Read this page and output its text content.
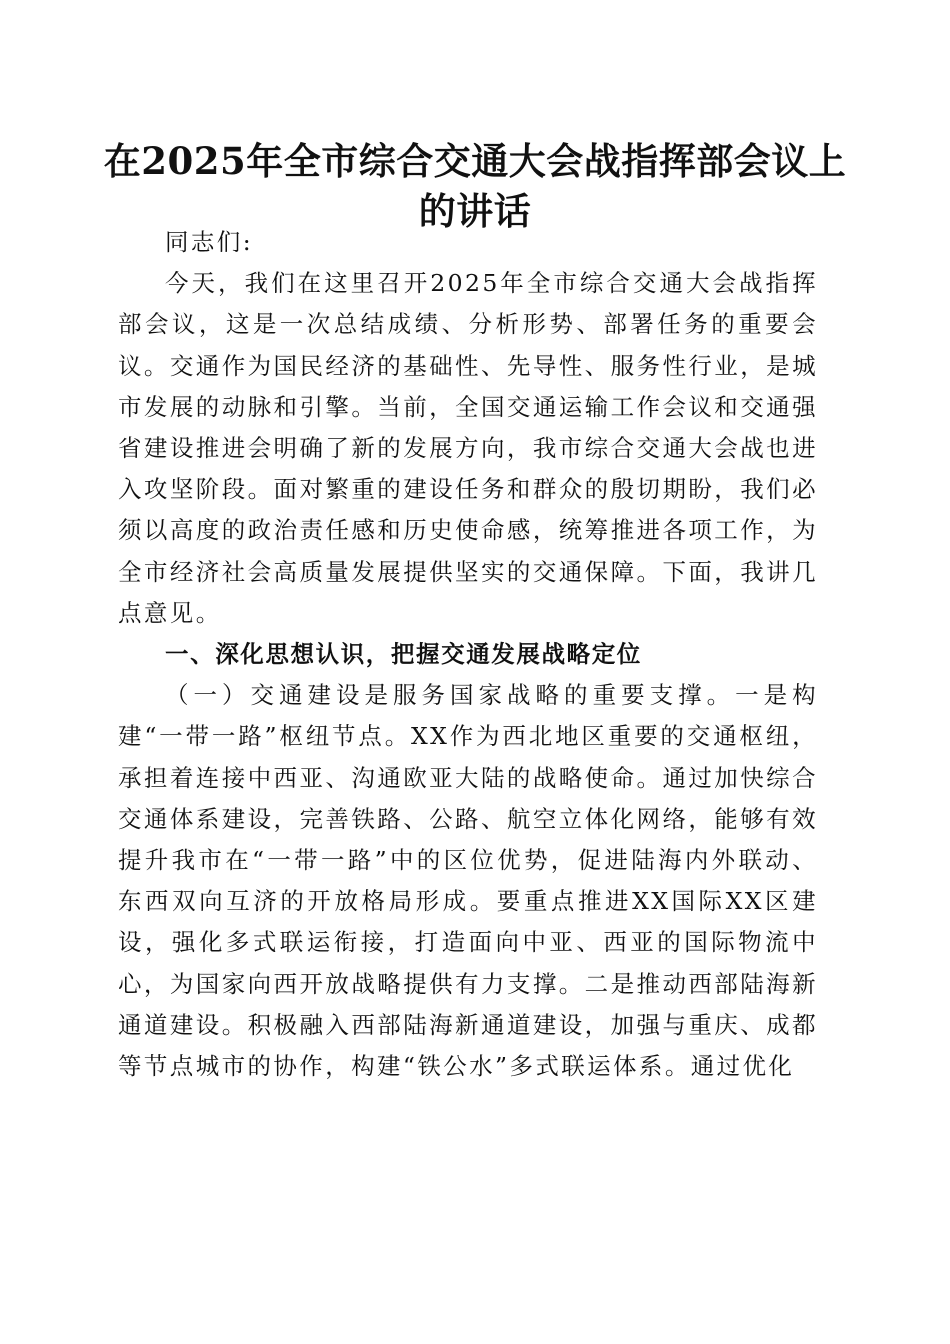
在2025年全市综合交通大会战指挥部会议上的讲话

同志们:

今天，我们在这里召开2025年全市综合交通大会战指挥部会议，这是一次总结成绩、分析形势、部署任务的重要会议。交通作为国民经济的基础性、先导性、服务性行业，是城市发展的动脉和引擎。当前，全国交通运输工作会议和交通强省建设推进会明确了新的发展方向，我市综合交通大会战也进入攻坚阶段。面对繁重的建设任务和群众的殷切期盼，我们必须以高度的政治责任感和历史使命感，统筹推进各项工作，为全市经济社会高质量发展提供坚实的交通保障。下面，我讲几点意见。

一、深化思想认识，把握交通发展战略定位

（一）交通建设是服务国家战略的重要支撑。一是构建“一带一路”枢纽节点。XX作为西北地区重要的交通枢纽，承担着连接中西亚、沟通欧亚大陆的战略使命。通过加快综合交通体系建设，完善铁路、公路、航空立体化网络，能够有效提升我市在“一带一路”中的区位优势，促进陆海内外联动、东西双向互济的开放格局形成。要重点推进XX国际XX区建设，强化多式联运衔接，打造面向中亚、西亚的国际物流中心，为国家向西开放战略提供有力支撑。二是推动西部陆海新通道建设。积极融入西部陆海新通道建设，加强与重庆、成都等节点城市的协作，构建“铁公水”多式联运体系。通过优化
